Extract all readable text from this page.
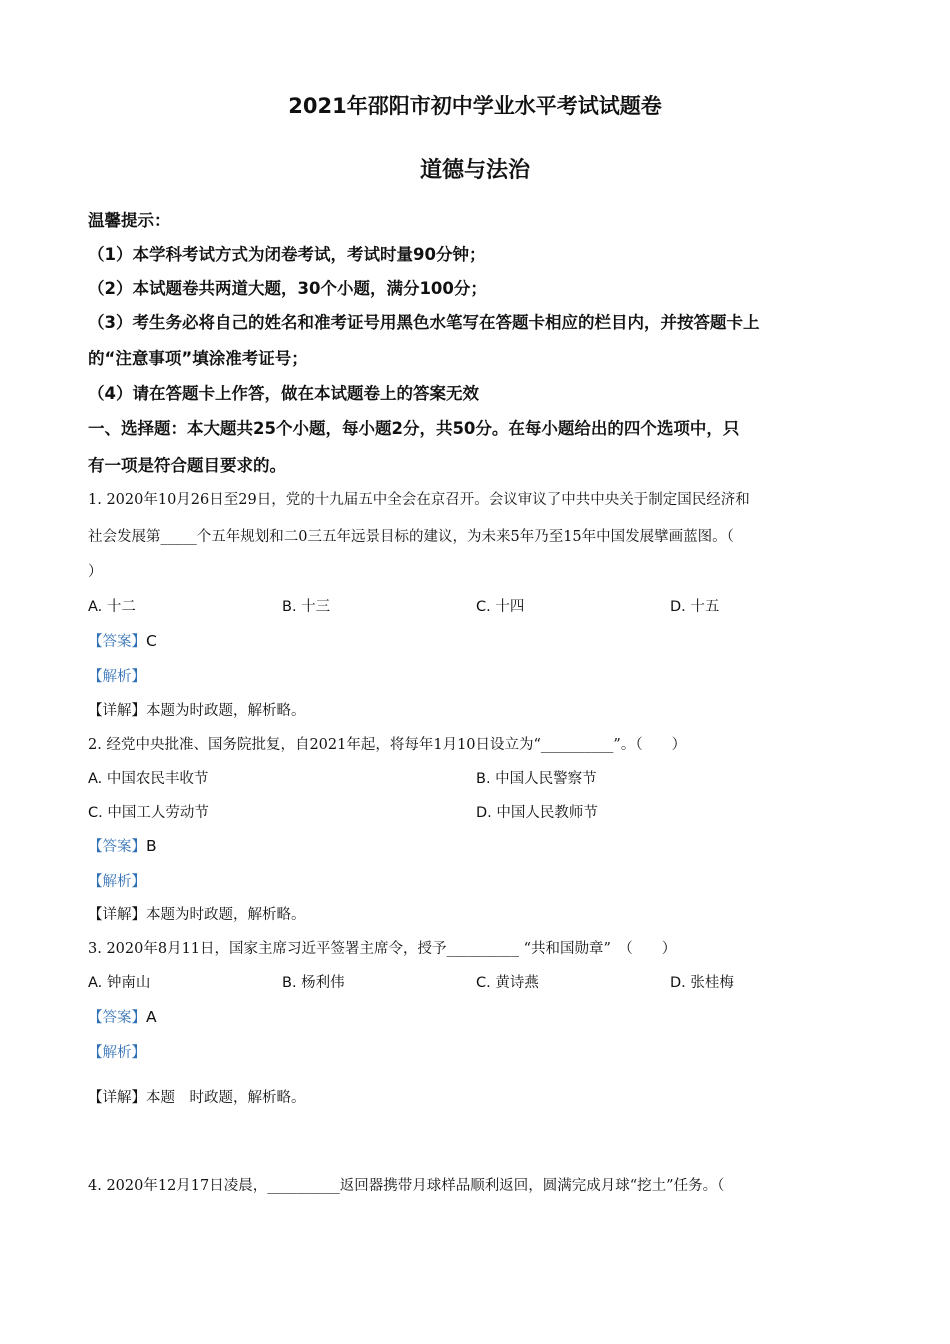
2021年邵阳市初中学业水平考试试题卷
道德与法治
温馨提示：
（1）本学科考试方式为闭卷考试，考试时量90分钟；
（2）本试题卷共两道大题，30个小题，满分100分；
（3）考生务必将自己的姓名和准考证号用黑色水笔写在答题卡相应的栏目内，并按答题卡上
的“注意事项”填涂准考证号；
（4）请在答题卡上作答，做在本试题卷上的答案无效
一、选择题：本大题共25个小题，每小题2分，共50分。在每小题给出的四个选项中，只
有一项是符合题目要求的。
1. 2020年10月26日至29日，党的十九届五中全会在京召开。会议审议了中共中央关于制定国民经济和
社会发展第_____个五年规划和二0三五年远景目标的建议，为未来5年乃至15年中国发展擘画蓝图。（
）
A. 十二	B. 十三	C. 十四	D. 十五
【答案】C
【解析】
【详解】本题为时政题，解析略。
2. 经党中央批准、国务院批复，自2021年起，将每年1月10日设立为“__________”。（　　）
A. 中国农民丰收节	B. 中国人民警察节
C. 中国工人劳动节	D. 中国人民教师节
【答案】B
【解析】
【详解】本题为时政题，解析略。
3. 2020年8月11日，国家主席习近平签署主席令，授予__________ “共和国勋章”　（　　）
A. 钟南山	B. 杨利伟	C. 黄诗燕	D. 张桂梅
【答案】A
【解析】
【详解】本题　时政题，解析略。
4. 2020年12月17日凌晨，__________返回器携带月球样品顺利返回，圆满完成月球“挖土”任务。（
